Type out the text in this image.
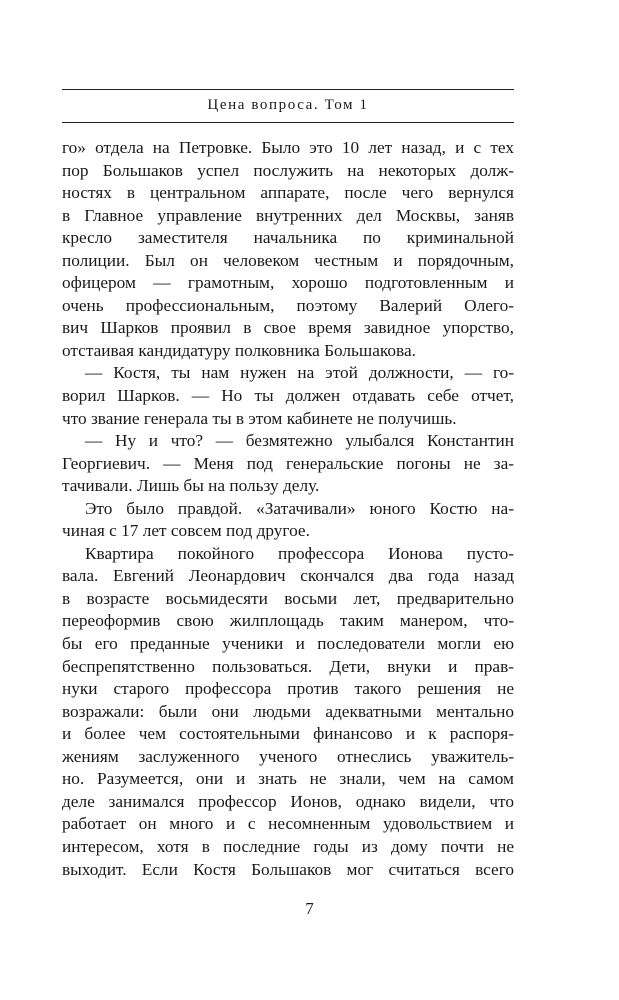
Цена вопроса. Том 1
го» отдела на Петровке. Было это 10 лет назад, и с тех
пор Большаков успел послужить на некоторых долж-
ностях в центральном аппарате, после чего вернулся
в Главное управление внутренних дел Москвы, заняв
кресло заместителя начальника по криминальной
полиции. Был он человеком честным и порядочным,
офицером — грамотным, хорошо подготовленным и
очень профессиональным, поэтому Валерий Олего-
вич Шарков проявил в свое время завидное упорство,
отстаивая кандидатуру полковника Большакова.
— Костя, ты нам нужен на этой должности, — го-
ворил Шарков. — Но ты должен отдавать себе отчет,
что звание генерала ты в этом кабинете не получишь.
— Ну и что? — безмятежно улыбался Константин
Георгиевич. — Меня под генеральские погоны не за-
тачивали. Лишь бы на пользу делу.
Это было правдой. «Затачивали» юного Костю на-
чиная с 17 лет совсем под другое.
Квартира покойного профессора Ионова пусто-
вала. Евгений Леонардович скончался два года назад
в возрасте восьмидесяти восьми лет, предварительно
переоформив свою жилплощадь таким манером, что-
бы его преданные ученики и последователи могли ею
беспрепятственно пользоваться. Дети, внуки и прав-
нуки старого профессора против такого решения не
возражали: были они людьми адекватными ментально
и более чем состоятельными финансово и к распоря-
жениям заслуженного ученого отнеслись уважитель-
но. Разумеется, они и знать не знали, чем на самом
деле занимался профессор Ионов, однако видели, что
работает он много и с несомненным удовольствием и
интересом, хотя в последние годы из дому почти не
выходит. Если Костя Большаков мог считаться всего
7
